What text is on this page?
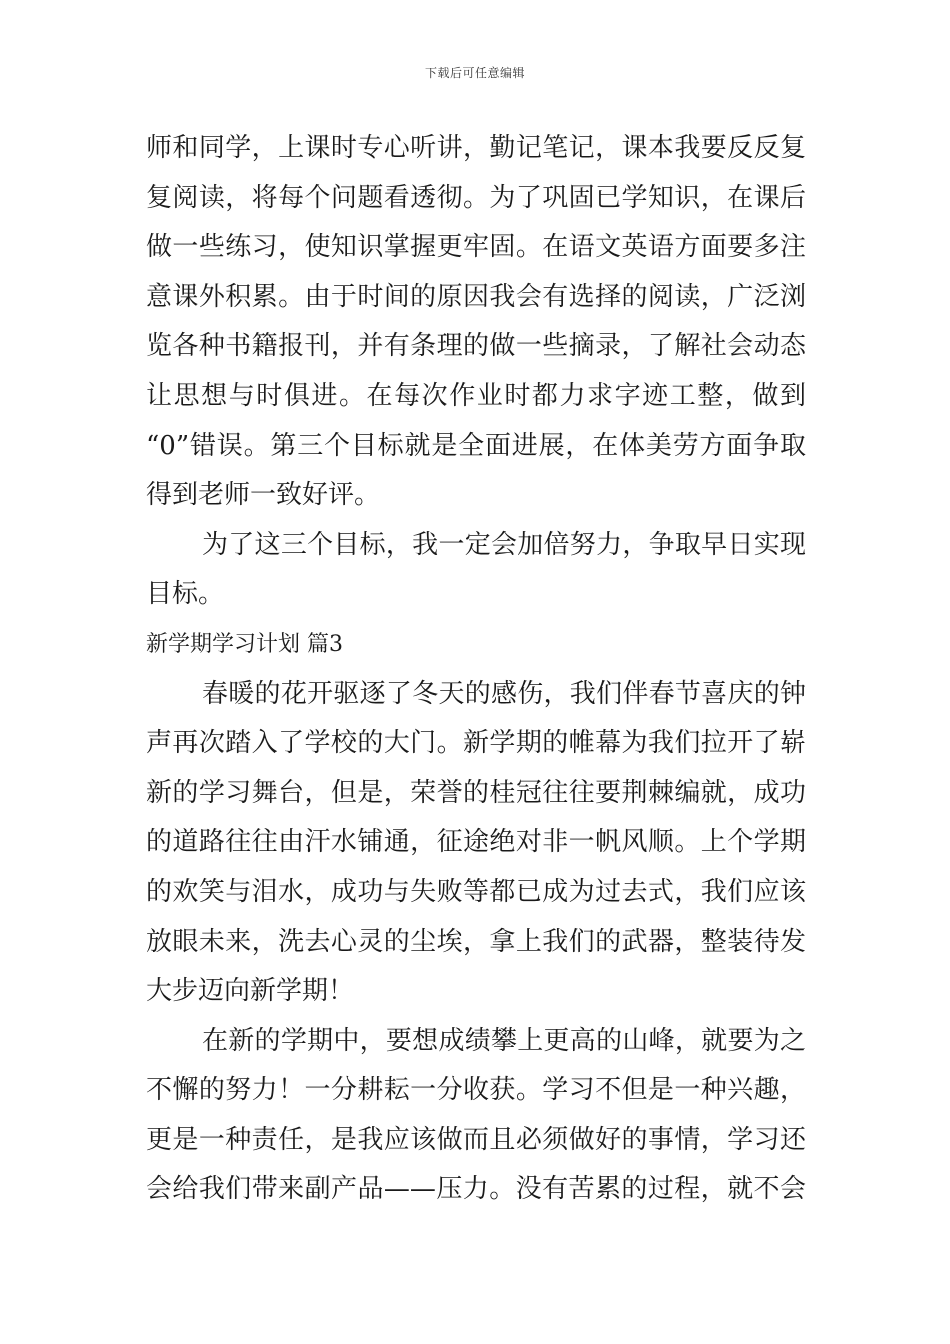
下载后可任意编辑
师和同学，上课时专心听讲，勤记笔记，课本我要反反复
复阅读，将每个问题看透彻。为了巩固已学知识，在课后
做一些练习，使知识掌握更牢固。在语文英语方面要多注
意课外积累。由于时间的原因我会有选择的阅读，广泛浏
览各种书籍报刊，并有条理的做一些摘录，了解社会动态
让思想与时俱进。在每次作业时都力求字迹工整，做到
“0”错误。第三个目标就是全面进展，在体美劳方面争取
得到老师一致好评。
为了这三个目标，我一定会加倍努力，争取早日实现
目标。
新学期学习计划 篇3
春暖的花开驱逐了冬天的感伤，我们伴春节喜庆的钟
声再次踏入了学校的大门。新学期的帷幕为我们拉开了崭
新的学习舞台，但是，荣誉的桂冠往往要荆棘编就，成功
的道路往往由汗水铺通，征途绝对非一帆风顺。上个学期
的欢笑与泪水，成功与失败等都已成为过去式，我们应该
放眼未来，洗去心灵的尘埃，拿上我们的武器，整装待发
大步迈向新学期！
在新的学期中，要想成绩攀上更高的山峰，就要为之
不懈的努力！一分耕耘一分收获。学习不但是一种兴趣，
更是一种责任，是我应该做而且必须做好的事情，学习还
会给我们带来副产品——压力。没有苦累的过程，就不会
